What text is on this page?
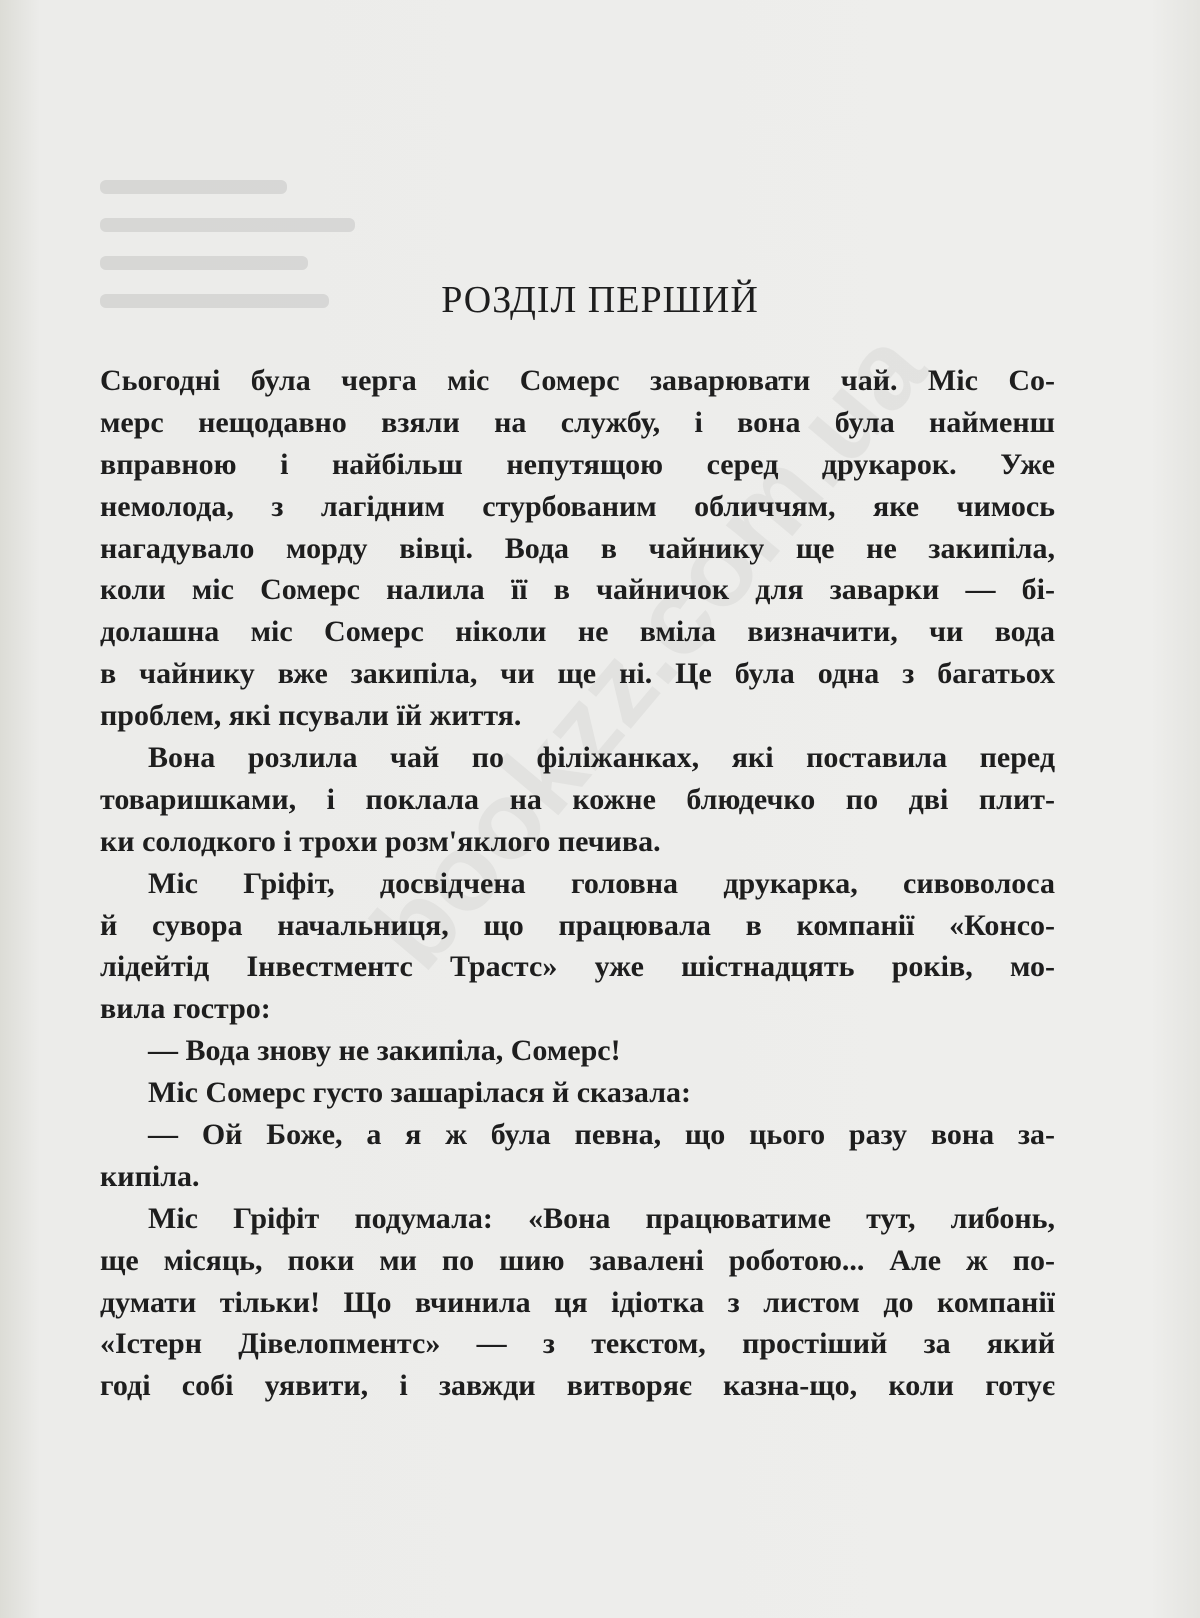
РОЗДІЛ ПЕРШИЙ
Сьогодні була черга міс Сомерс заварювати чай. Міс Со-
мерс нещодавно взяли на службу, і вона була найменш
вправною і найбільш непутящою серед друкарок. Уже
немолода, з лагідним стурбованим обличчям, яке чимось
нагадувало морду вівці. Вода в чайнику ще не закипіла,
коли міс Сомерс налила її в чайничок для заварки — бі-
долашна міс Сомерс ніколи не вміла визначити, чи вода
в чайнику вже закипіла, чи ще ні. Це була одна з багатьох
проблем, які псували їй життя.
Вона розлила чай по філіжанках, які поставила перед
товаришками, і поклала на кожне блюдечко по дві плит-
ки солодкого і трохи розм'яклого печива.
Міс Гріфіт, досвідчена головна друкарка, сивоволоса
й сувора начальниця, що працювала в компанії «Консо-
лідейтід Інвестментс Трастс» уже шістнадцять років, мо-
вила гостро:
— Вода знову не закипіла, Сомерс!
Міс Сомерс густо зашарілася й сказала:
— Ой Боже, а я ж була певна, що цього разу вона за-
кипіла.
Міс Гріфіт подумала: «Вона працюватиме тут, либонь,
ще місяць, поки ми по шию завалені роботою... Але ж по-
думати тільки! Що вчинила ця ідіотка з листом до компанії
«Істерн Дівелопментс» — з текстом, простіший за який
годі собі уявити, і завжди витворяє казна-що, коли готує
